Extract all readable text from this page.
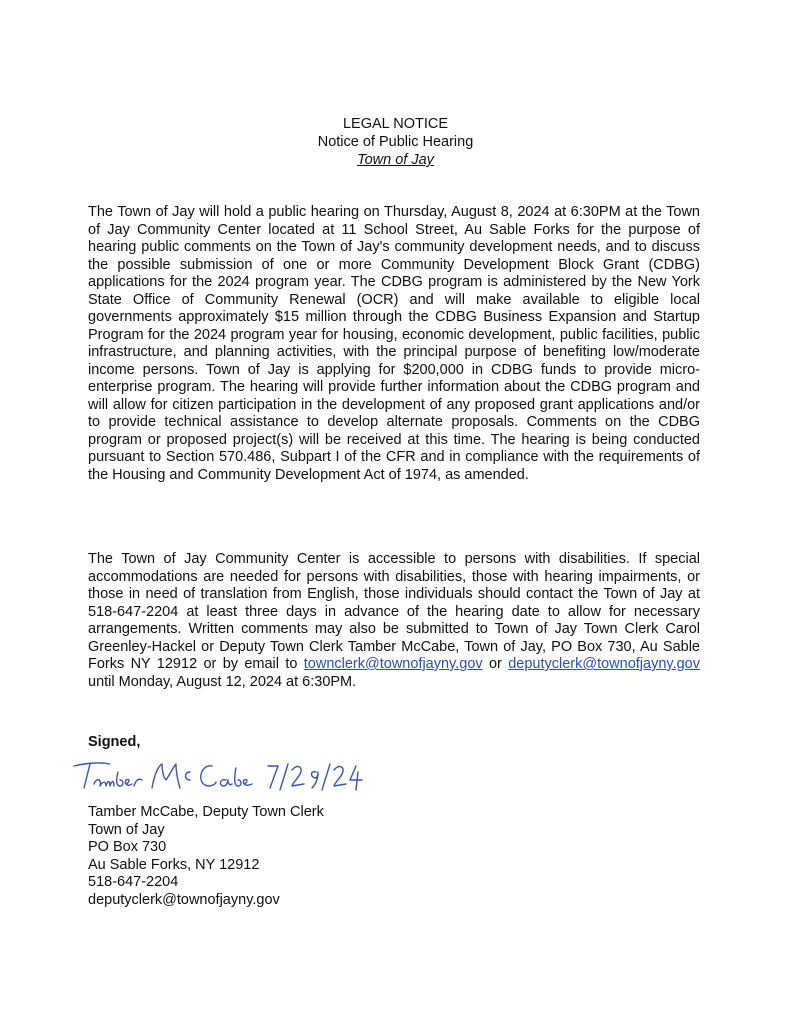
LEGAL NOTICE
Notice of Public Hearing
Town of Jay

The Town of Jay will hold a public hearing on Thursday, August 8, 2024 at 6:30PM at the Town of Jay Community Center located at 11 School Street, Au Sable Forks for the purpose of hearing public comments on the Town of Jay's community development needs, and to discuss the possible submission of one or more Community Development Block Grant (CDBG) applications for the 2024 program year. The CDBG program is administered by the New York State Office of Community Renewal (OCR) and will make available to eligible local governments approximately $15 million through the CDBG Business Expansion and Startup Program for the 2024 program year for housing, economic development, public facilities, public infrastructure, and planning activities, with the principal purpose of benefiting low/moderate income persons. Town of Jay is applying for $200,000 in CDBG funds to provide micro-enterprise program. The hearing will provide further information about the CDBG program and will allow for citizen participation in the development of any proposed grant applications and/or to provide technical assistance to develop alternate proposals. Comments on the CDBG program or proposed project(s) will be received at this time. The hearing is being conducted pursuant to Section 570.486, Subpart I of the CFR and in compliance with the requirements of the Housing and Community Development Act of 1974, as amended.

The Town of Jay Community Center is accessible to persons with disabilities. If special accommodations are needed for persons with disabilities, those with hearing impairments, or those in need of translation from English, those individuals should contact the Town of Jay at 518-647-2204 at least three days in advance of the hearing date to allow for necessary arrangements. Written comments may also be submitted to Town of Jay Town Clerk Carol Greenley-Hackel or Deputy Town Clerk Tamber McCabe, Town of Jay, PO Box 730, Au Sable Forks NY 12912 or by email to townclerk@townofjayny.gov or deputyclerk@townofjayny.gov until Monday, August 12, 2024 at 6:30PM.

Signed,
Tamber McCabe, Deputy Town Clerk
Town of Jay
PO Box 730
Au Sable Forks, NY 12912
518-647-2204
deputyclerk@townofjayny.gov
